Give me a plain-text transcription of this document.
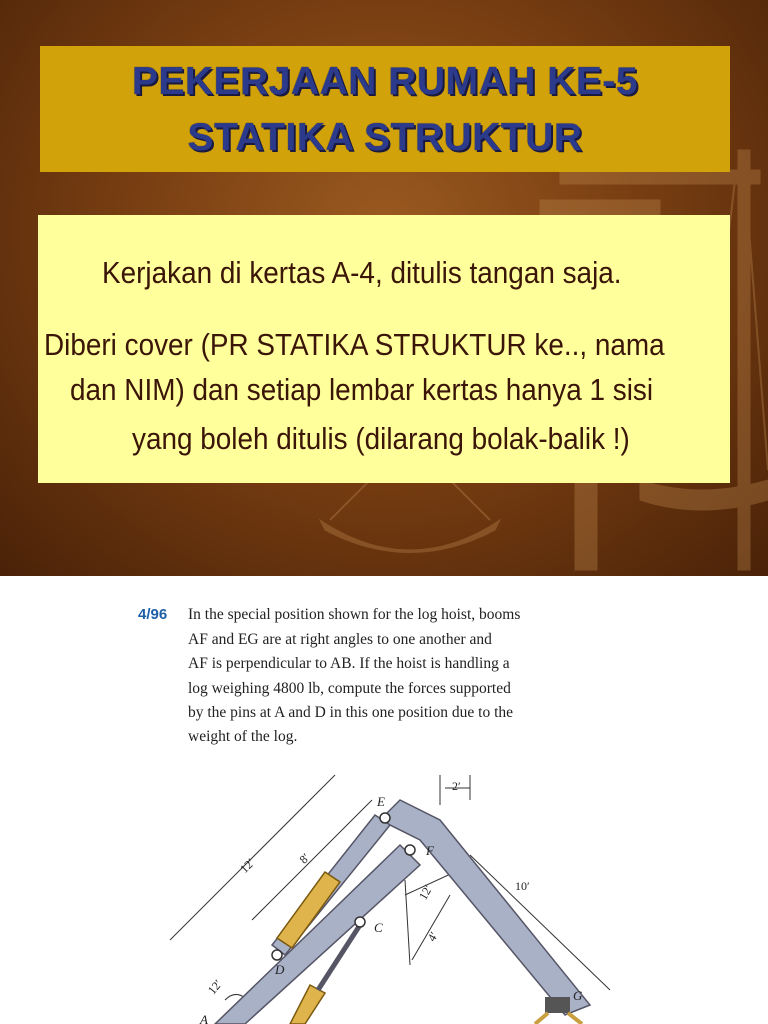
PEKERJAAN RUMAH KE-5
STATIKA STRUKTUR
Kerjakan di kertas A-4, ditulis tangan saja.
Diberi cover (PR STATIKA STRUKTUR ke.., nama
dan NIM) dan setiap lembar kertas hanya 1 sisi
yang boleh ditulis (dilarang bolak-balik !)
4/96 In the special position shown for the log hoist, booms
AF and EG are at right angles to one another and
AF is perpendicular to AB. If the hoist is handling a
log weighing 4800 lb, compute the forces supported
by the pins at A and D in this one position due to the
weight of the log.
E
F
C
D
G
A
2′
12′	8′
12′	10′
4′
12′
